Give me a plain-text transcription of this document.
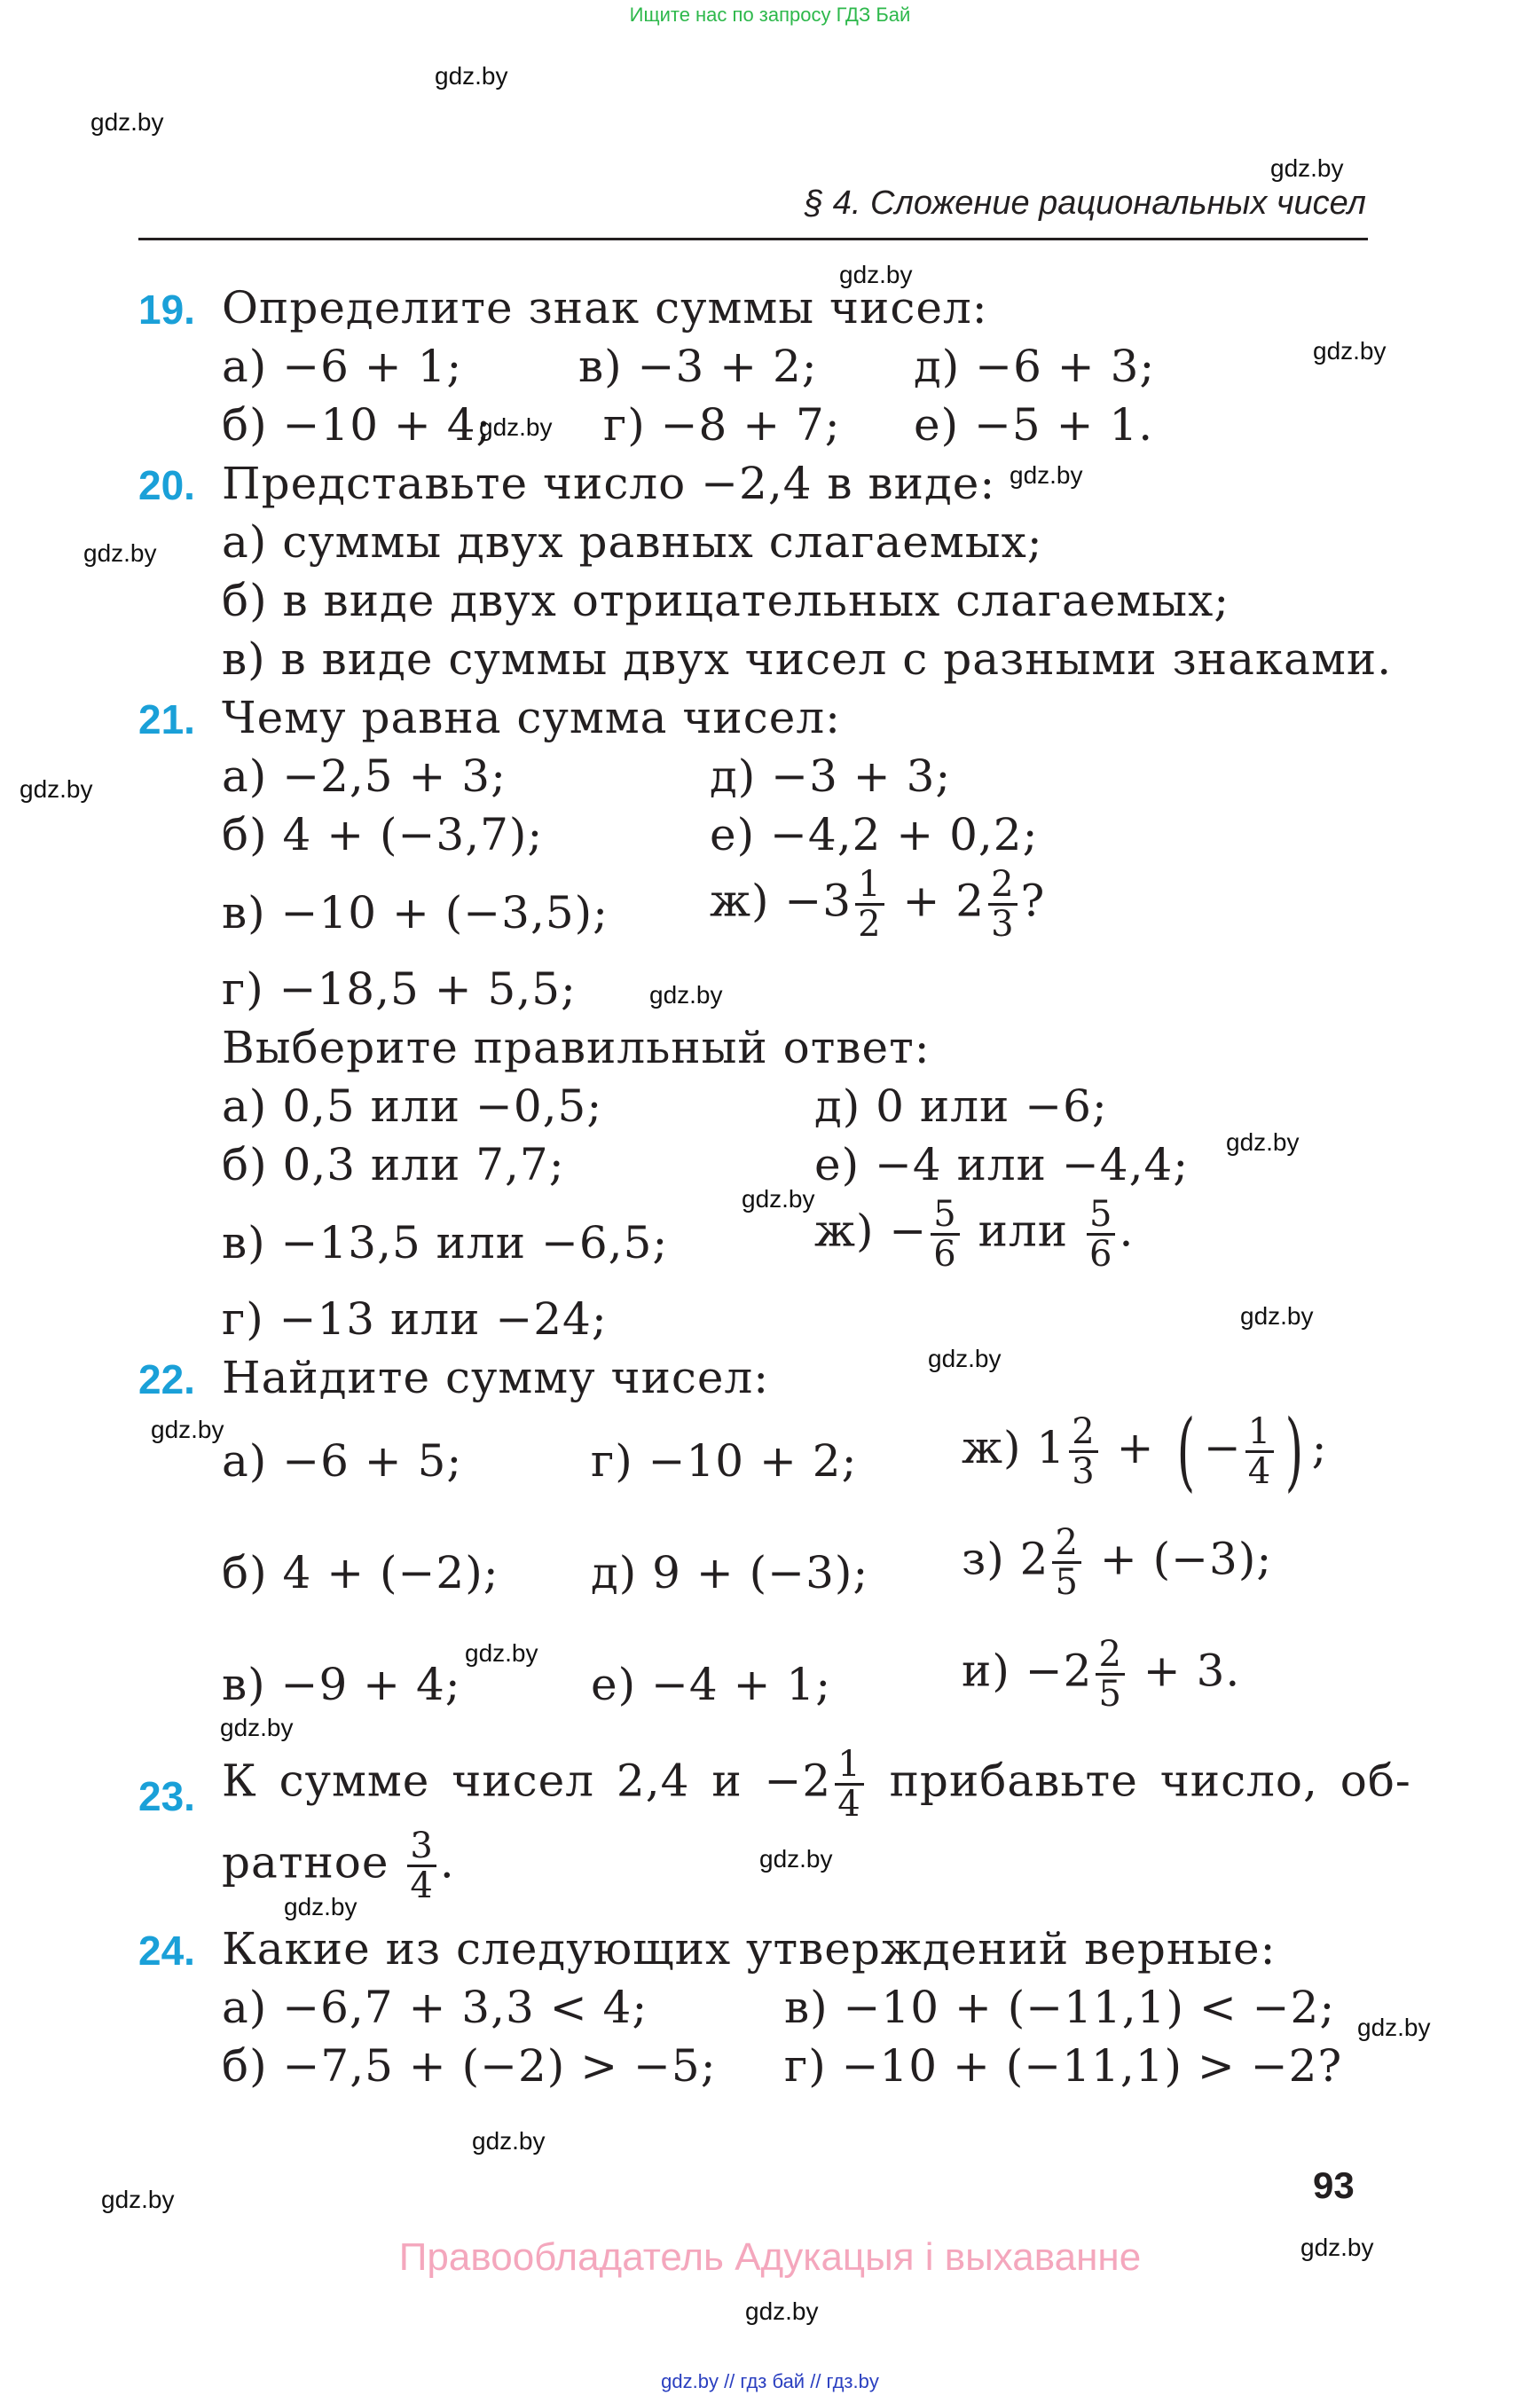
Ищите нас по запросу ГДЗ Бай
gdz.by
gdz.by
gdz.by
gdz.by
gdz.by
gdz.by
gdz.by
gdz.by
gdz.by
gdz.by
gdz.by
gdz.by
gdz.by
gdz.by
gdz.by
gdz.by
gdz.by
gdz.by
gdz.by
gdz.by
gdz.by
gdz.by
gdz.by
§ 4. Сложение рациональных чисел
19. Определите знак суммы чисел:
а) −6 + 1;	в) −3 + 2; д) −6 + 3;
б) −10 + 4;
gdz.by г) −8 + 7; е) −5 + 1.
20. Представьте число −2,4 в виде:
а) суммы двух равных слагаемых;
б) в виде двух отрицательных слагаемых;
в) в виде суммы двух чисел с разными знаками.
21. Чему равна сумма чисел:
а) −2,5 + 3;	д) −3 + 3;
б) 4 + (−3,7);	е) −4,2 + 0,2;
в) −10 + (−3,5); $ж) -3 \frac{1}{2} + 2 \frac{2}{3}$ ?
г) −18,5 + 5,5;
Выберите правильный ответ:
а) 0,5 или −0,5;	д) 0 или −6;
б) 0,3 или 7,7;	е) −4 или −4,4;
в) −13,5 или −6,5;	$ж) - \frac{5}{6}$ или $\frac{5}{6}$ .
г) −13 или −24;
22. Найдите сумму чисел:
а) −6 + 5;	г) −10 + 2; ж) $1 \frac{2}{3}$ + ( − $\frac{1}{4}$ ) ;
б) 4 + (−2); д) 9 + (−3); з) $2 \frac{2}{5} + (-3)$;
в) −9 + 4;	е) −4 + 1;	$и) -2 \frac{2}{5} + 3$.
23. К сумме чисел 2,4 $и -2 \frac{1}{4}$ прибавьте число, об-
ратное $\frac{3}{4}$ .
24. Какие из следующих утверждений верные:
а) −6,7 + 3,3 < 4;	в) −10 + (−11,1) < −2;
б) −7,5 + (−2) > −5; г) −10 + (−11,1) > −2?
93
Правообладатель Адукацыя і выхаванне
gdz.by // гдз бай // гдз.by
